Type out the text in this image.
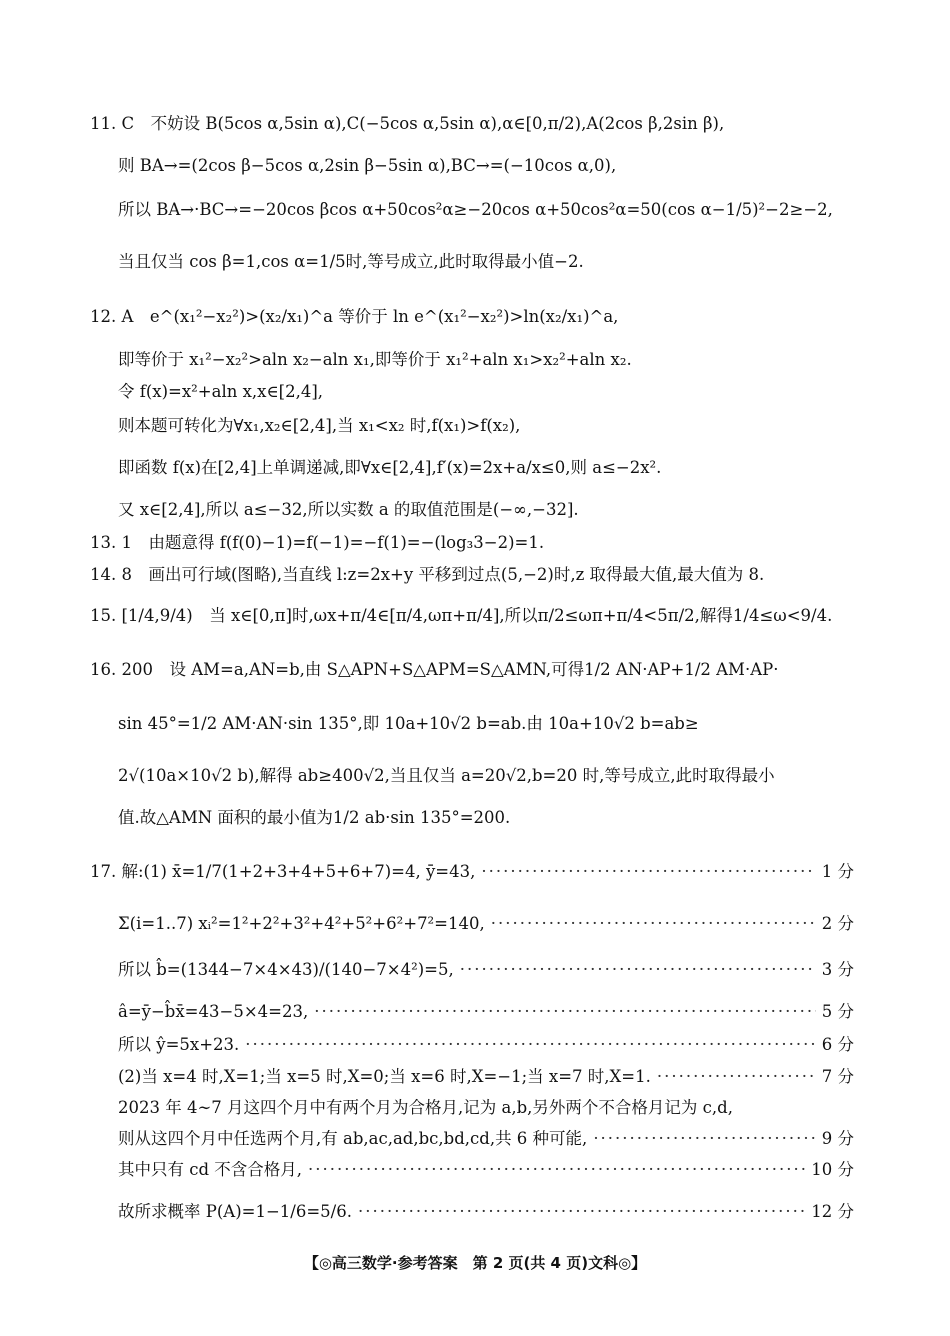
11. C　不妨设 B(5cos α,5sin α),C(−5cos α,5sin α),α∈[0,π/2),A(2cos β,2sin β),
则 BA→=(2cos β−5cos α,2sin β−5sin α),BC→=(−10cos α,0),
所以 BA→·BC→=−20cos βcos α+50cos²α≥−20cos α+50cos²α=50(cos α−1/5)²−2≥−2,
当且仅当 cos β=1,cos α=1/5时,等号成立,此时取得最小值−2.
12. A　e^(x₁²−x₂²)>(x₂/x₁)^a 等价于 ln e^(x₁²−x₂²)>ln(x₂/x₁)^a,
即等价于 x₁²−x₂²>aln x₂−aln x₁,即等价于 x₁²+aln x₁>x₂²+aln x₂.
令 f(x)=x²+aln x,x∈[2,4],
则本题可转化为∀x₁,x₂∈[2,4],当 x₁<x₂ 时,f(x₁)>f(x₂),
即函数 f(x)在[2,4]上单调递减,即∀x∈[2,4],f′(x)=2x+a/x≤0,则 a≤−2x².
又 x∈[2,4],所以 a≤−32,所以实数 a 的取值范围是(−∞,−32].
13. 1　由题意得 f(f(0)−1)=f(−1)=−f(1)=−(log₃3−2)=1.
14. 8　画出可行域(图略),当直线 l:z=2x+y 平移到过点(5,−2)时,z 取得最大值,最大值为 8.
15. [1/4,9/4)　当 x∈[0,π]时,ωx+π/4∈[π/4,ωπ+π/4],所以π/2≤ωπ+π/4<5π/2,解得1/4≤ω<9/4.
16. 200　设 AM=a,AN=b,由 S△APN+S△APM=S△AMN,可得1/2 AN·AP+1/2 AM·AP·
sin 45°=1/2 AM·AN·sin 135°,即 10a+10√2 b=ab.由 10a+10√2 b=ab≥
2√(10a×10√2 b),解得 ab≥400√2,当且仅当 a=20√2,b=20 时,等号成立,此时取得最小
值.故△AMN 面积的最小值为1/2 ab·sin 135°=200.
17. 解:(1) x̄=1/7(1+2+3+4+5+6+7)=4, ȳ=43, ·····	1 分
Σ(i=1..7) xᵢ²=1²+2²+3²+4²+5²+6²+7²=140, ·····	2 分
所以 b̂=(1344−7×4×43)/(140−7×4²)=5, ·····	3 分
â=ȳ−b̂x̄=43−5×4=23, ·····	5 分
所以 ŷ=5x+23. ·····	6 分
(2)当 x=4 时,X=1;当 x=5 时,X=0;当 x=6 时,X=−1;当 x=7 时,X=1. ·····	7 分
2023 年 4∼7 月这四个月中有两个月为合格月,记为 a,b,另外两个不合格月记为 c,d,
则从这四个月中任选两个月,有 ab,ac,ad,bc,bd,cd,共 6 种可能, ·····	9 分
其中只有 cd 不含合格月, ·····	10 分
故所求概率 P(A)=1−1/6=5/6. ·····	12 分
【◎高三数学·参考答案　第 2 页(共 4 页)文科◎】
